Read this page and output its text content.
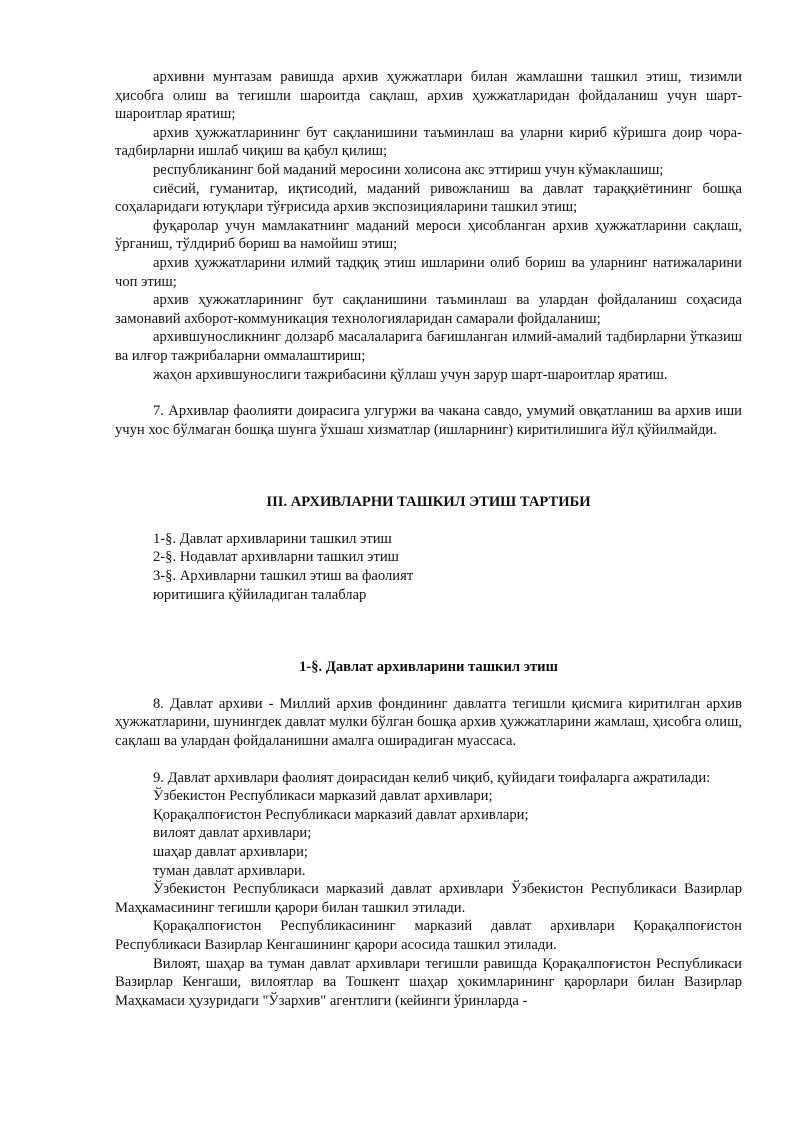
архивни мунтазам равишда архив ҳужжатлари билан жамлашни ташкил этиш, тизимли ҳисобга олиш ва тегишли шароитда сақлаш, архив ҳужжатларидан фойдаланиш учун шарт-шароитлар яратиш;

архив ҳужжатларининг бут сақланишини таъминлаш ва уларни кириб кўришга доир чора-тадбирларни ишлаб чиқиш ва қабул қилиш;

республиканинг бой маданий меросини холисона акс эттириш учун кўмаклашиш;

сиёсий, гуманитар, иқтисодий, маданий ривожланиш ва давлат тараққиётининг бошқа соҳаларидаги ютуқлари тўғрисида архив экспозицияларини ташкил этиш;

фуқаролар учун мамлакатнинг маданий мероси ҳисобланган архив ҳужжатларини сақлаш, ўрганиш, тўлдириб бориш ва намойиш этиш;

архив ҳужжатларини илмий тадқиқ этиш ишларини олиб бориш ва уларнинг натижаларини чоп этиш;

архив ҳужжатларининг бут сақланишини таъминлаш ва улардан фойдаланиш соҳасида замонавий ахборот-коммуникация технологияларидан самарали фойдаланиш;

архившуносликнинг долзарб масалаларига бағишланган илмий-амалий тадбирларни ўтказиш ва илғор тажрибаларни оммалаштириш;

жаҳон архившунослиги тажрибасини қўллаш учун зарур шарт-шароитлар яратиш.

7. Архивлар фаолияти доирасига улгуржи ва чакана савдо, умумий овқатланиш ва архив иши учун хос бўлмаган бошқа шунга ўхшаш хизматлар (ишларнинг) киритилишига йўл қўйилмайди.

III. АРХИВЛАРНИ ТАШКИЛ ЭТИШ ТАРТИБИ

1-§. Давлат архивларини ташкил этиш
2-§. Нодавлат архивларни ташкил этиш
3-§. Архивларни ташкил этиш ва фаолият
юритишига қўйиладиган талаблар

1-§. Давлат архивларини ташкил этиш

8. Давлат архиви - Миллий архив фондининг давлатга тегишли қисмига киритилган архив ҳужжатларини, шунингдек давлат мулки бўлган бошқа архив ҳужжатларини жамлаш, ҳисобга олиш, сақлаш ва улардан фойдаланишни амалга оширадиган муассаса.

9. Давлат архивлари фаолият доирасидан келиб чиқиб, қуйидаги тоифаларга ажратилади:

Ўзбекистон Республикаси марказий давлат архивлари;

Қорақалпоғистон Республикаси марказий давлат архивлари;

вилоят давлат архивлари;

шаҳар давлат архивлари;

туман давлат архивлари.

Ўзбекистон Республикаси марказий давлат архивлари Ўзбекистон Республикаси Вазирлар Маҳкамасининг тегишли қарори билан ташкил этилади.

Қорақалпоғистон Республикасининг марказий давлат архивлари Қорақалпоғистон Республикаси Вазирлар Кенгашининг қарори асосида ташкил этилади.

Вилоят, шаҳар ва туман давлат архивлари тегишли равишда Қорақалпоғистон Республикаси Вазирлар Кенгаши, вилоятлар ва Тошкент шаҳар ҳокимларининг қарорлари билан Вазирлар Маҳкамаси ҳузуридаги "Ўзархив" агентлиги (кейинги ўринларда -
